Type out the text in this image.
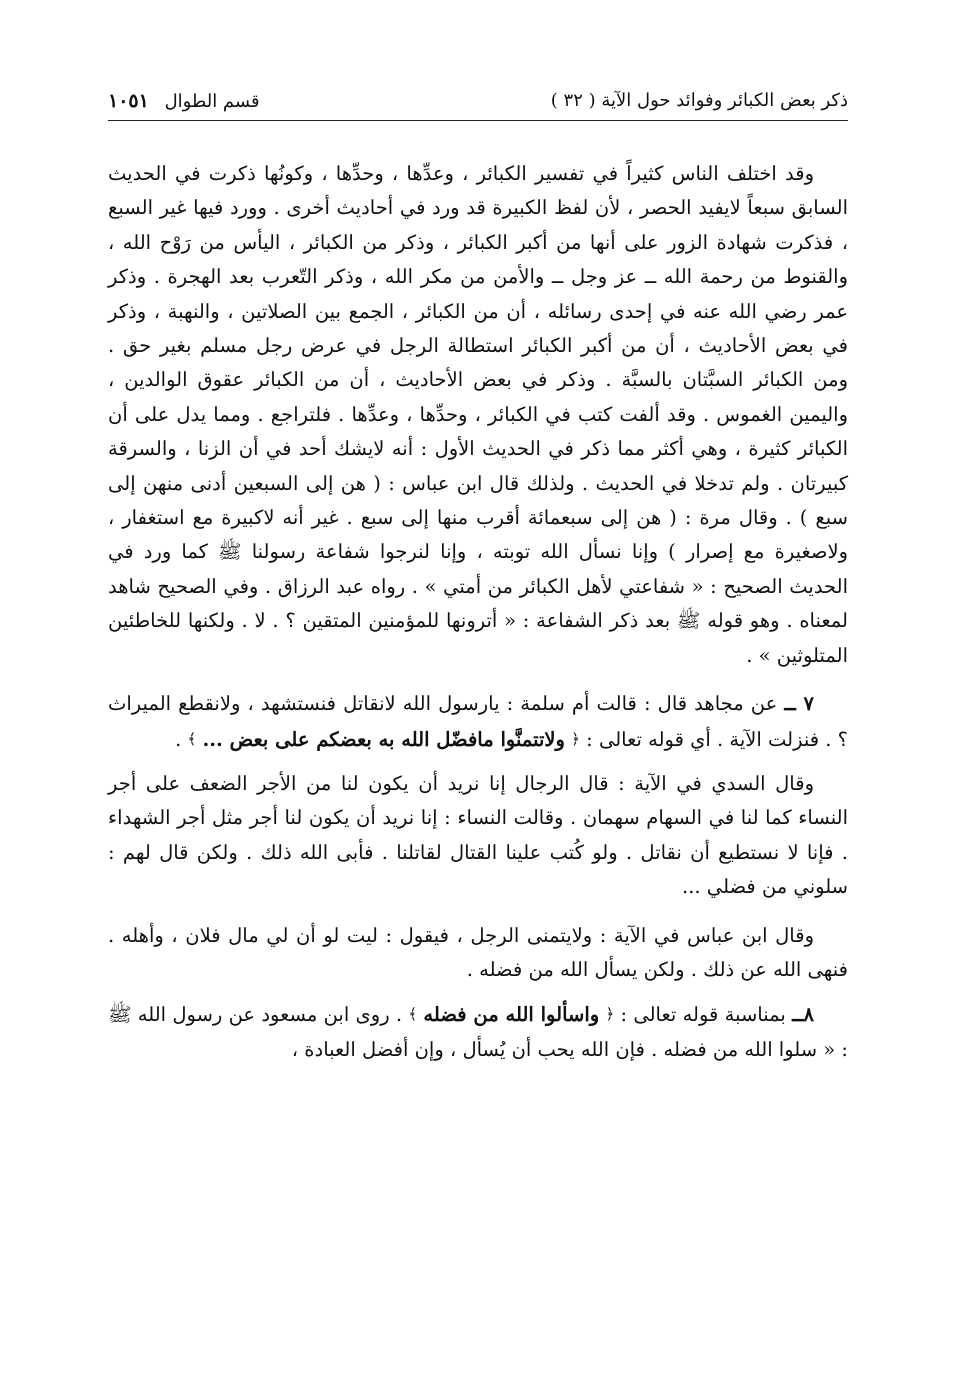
ذكر بعض الكبائر وفوائد حول الآية ( ٣٢ )
قسم الطوال ١٠٥١

وقد اختلف الناس كثيراً في تفسير الكبائر ، وعدِّها ، وحدِّها ، وكونُها ذكرت في الحديث السابق سبعاً لايفيد الحصر ، لأن لفظ الكبيرة قد ورد في أحاديث أخرى . وورد فيها غير السبع ، فذكرت شهادة الزور على أنها من أكبر الكبائر ، وذكر من الكبائر ، اليأس من رَوْح الله ، والقنوط من رحمة الله ــ عز وجل ــ والأمن من مكر الله ، وذكر التّعرب بعد الهجرة . وذكر عمر رضي الله عنه في إحدى رسائله ، أن من الكبائر ، الجمع بين الصلاتين ، والنهبة ، وذكر في بعض الأحاديث ، أن من أكبر الكبائر استطالة الرجل في عرض رجل مسلم بغير حق . ومن الكبائر السبَّتان بالسبَّة . وذكر في بعض الأحاديث ، أن من الكبائر عقوق الوالدين ، واليمين الغموس . وقد ألفت كتب في الكبائر ، وحدِّها ، وعدِّها . فلتراجع . ومما يدل على أن الكبائر كثيرة ، وهي أكثر مما ذكر في الحديث الأول : أنه لايشك أحد في أن الزنا ، والسرقة كبيرتان . ولم تدخلا في الحديث . ولذلك قال ابن عباس : ( هن إلى السبعين أدنى منهن إلى سبع ) . وقال مرة : ( هن إلى سبعمائة أقرب منها إلى سبع . غير أنه لاكبيرة مع استغفار ، ولاصغيرة مع إصرار ) وإنا نسأل الله توبته ، وإنا لنرجوا شفاعة رسولنا ﷺ كما ورد في الحديث الصحيح : « شفاعتي لأهل الكبائر من أمتي » . رواه عبد الرزاق . وفي الصحيح شاهد لمعناه . وهو قوله ﷺ بعد ذكر الشفاعة : « أترونها للمؤمنين المتقين ؟ . لا . ولكنها للخاطئين المتلوثين » .

٧ ــ عن مجاهد قال : قالت أم سلمة : يارسول الله لانقاتل فنستشهد ، ولانقطع الميراث ؟ . فنزلت الآية . أي قوله تعالى : ﴿ ولاتتمنَّوا مافضّل الله به بعضكم على بعض ... ﴾ .

وقال السدي في الآية : قال الرجال إنا نريد أن يكون لنا من الأجر الضعف على أجر النساء كما لنا في السهام سهمان . وقالت النساء : إنا نريد أن يكون لنا أجر مثل أجر الشهداء . فإنا لا نستطيع أن نقاتل . ولو كُتب علينا القتال لقاتلنا . فأبى الله ذلك . ولكن قال لهم : سلوني من فضلي ...

وقال ابن عباس في الآية : ولايتمنى الرجل ، فيقول : ليت لو أن لي مال فلان ، وأهله . فنهى الله عن ذلك . ولكن يسأل الله من فضله .

٨ــ بمناسبة قوله تعالى : ﴿ واسألوا الله من فضله ﴾ . روى ابن مسعود عن رسول الله ﷺ : « سلوا الله من فضله . فإن الله يحب أن يُسأل ، وإن أفضل العبادة ،
